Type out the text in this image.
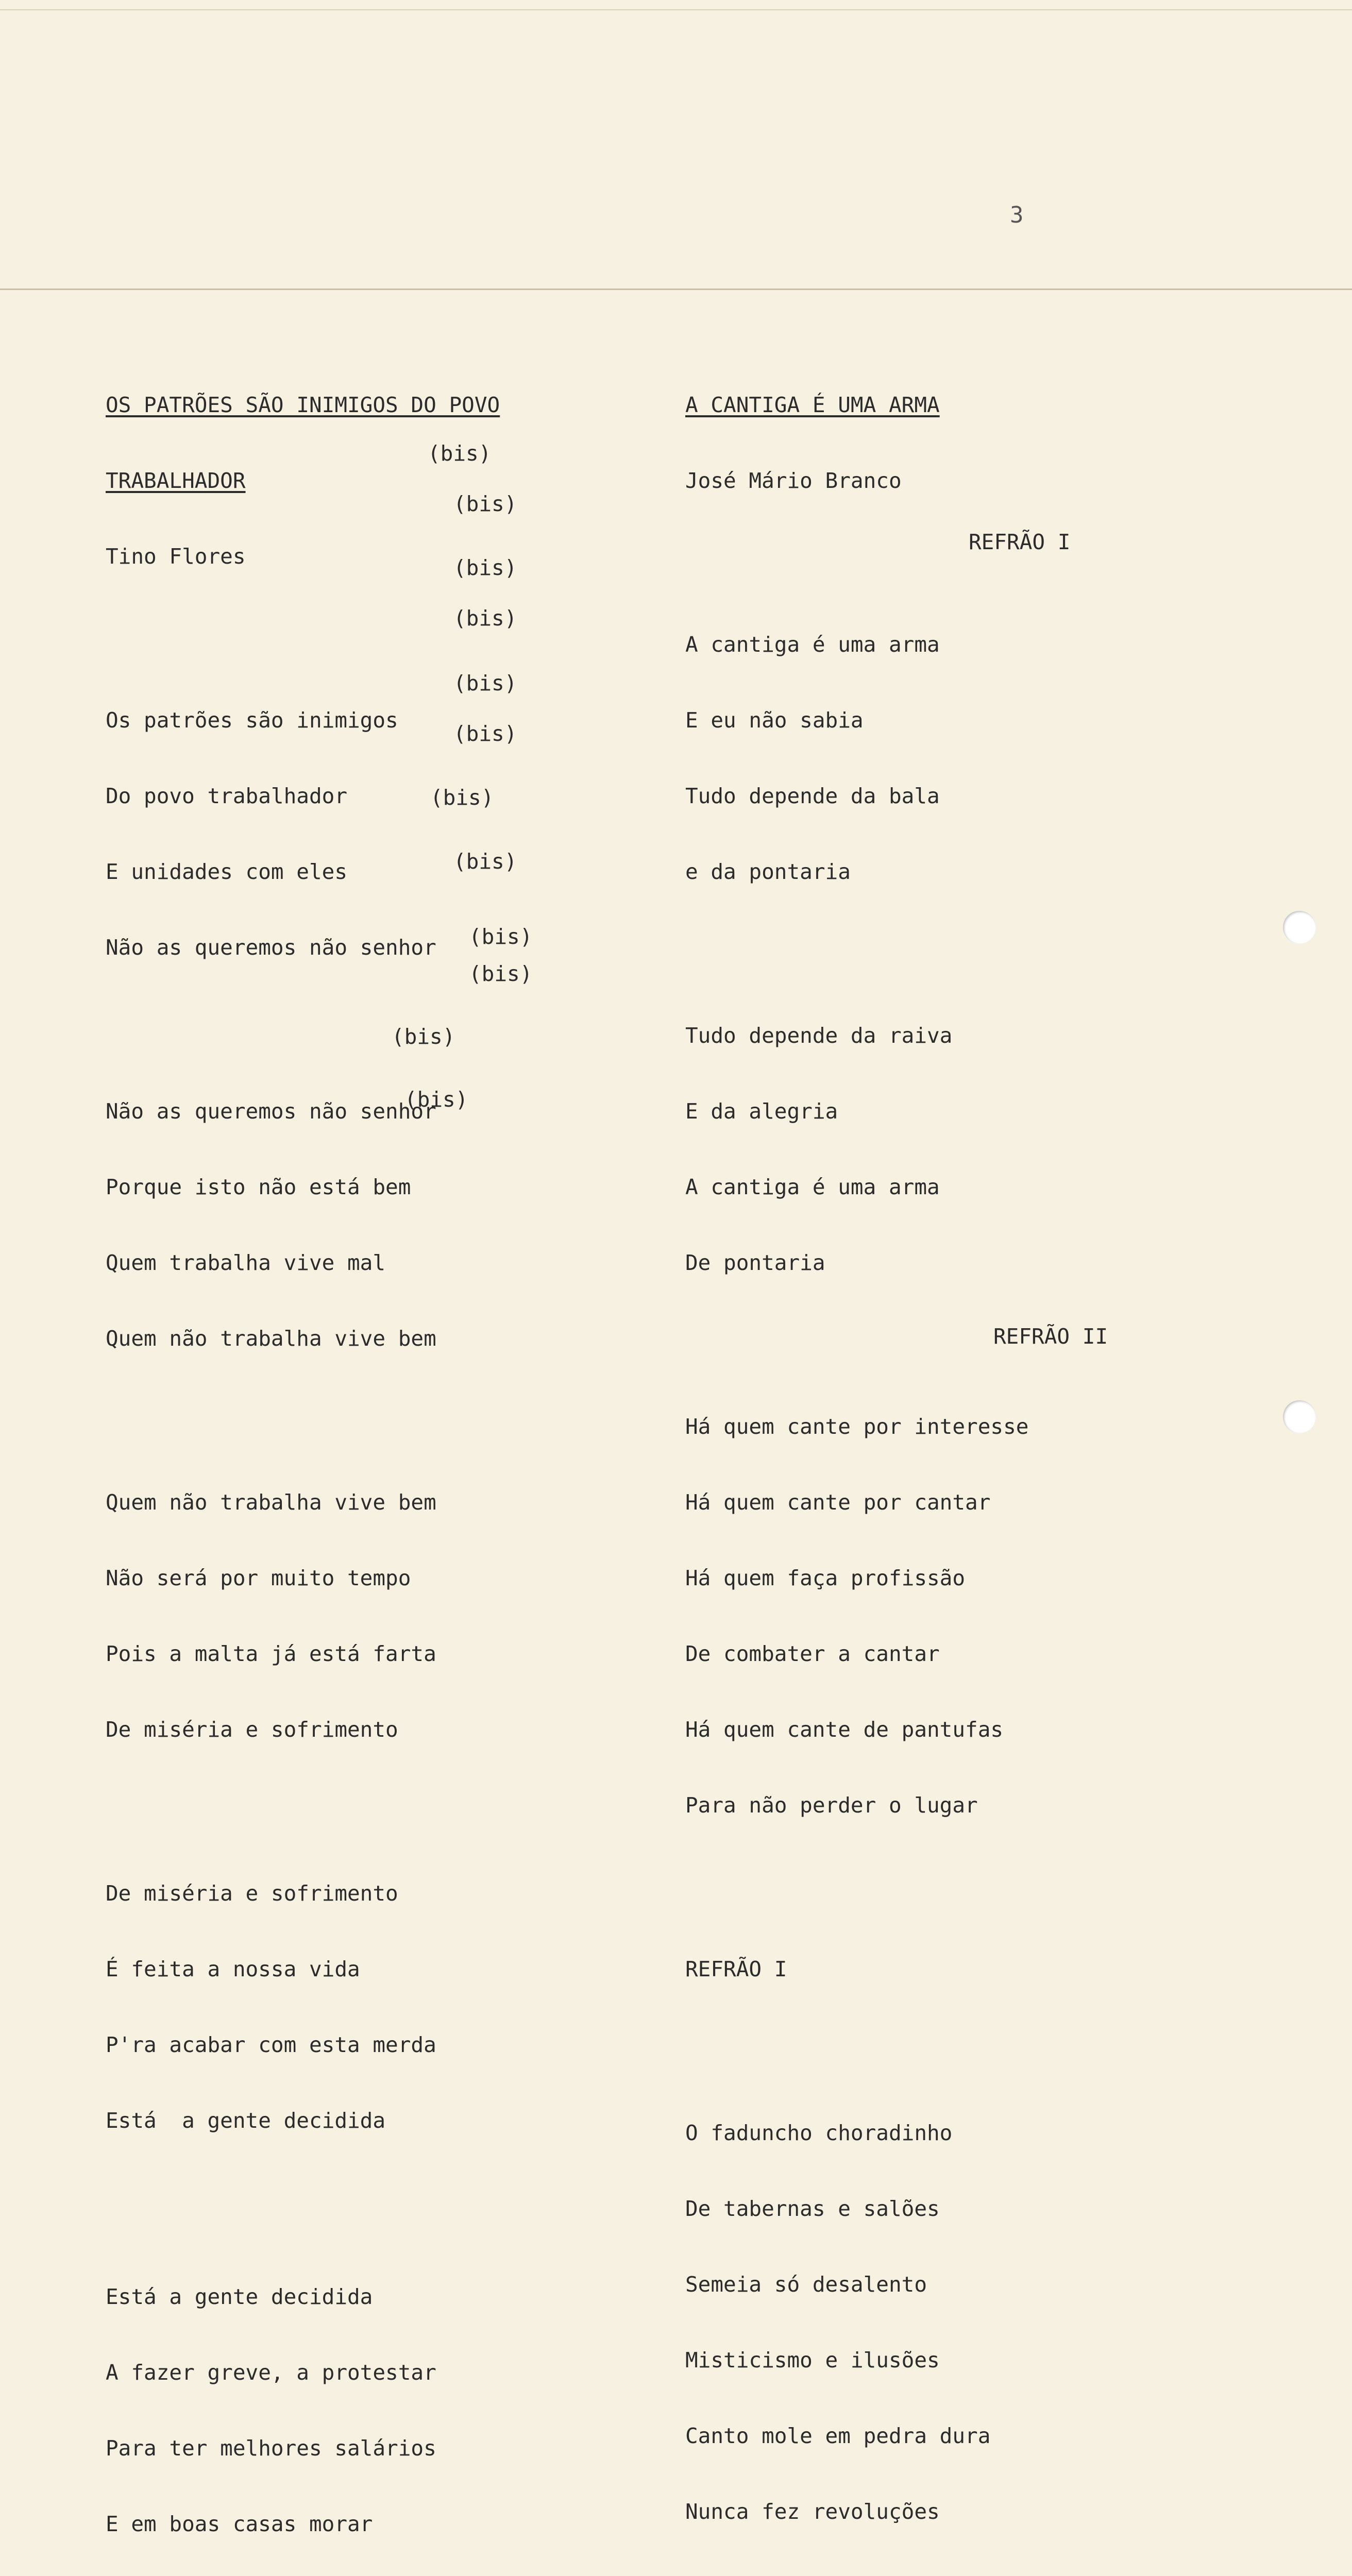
3

OS PATRÕES SÃO INIMIGOS DO POVO

TRABALHADOR

Tino Flores

Os patrões são inimigos

Do povo trabalhador

E unidades com eles

Não as queremos não senhor

Não as queremos não senhor

Porque isto não está bem

Quem trabalha vive mal

Quem não trabalha vive bem

Quem não trabalha vive bem

Não será por muito tempo

Pois a malta já está farta

De miséria e sofrimento

De miséria e sofrimento

É feita a nossa vida

P'ra acabar com esta merda

Está  a gente decidida

Está a gente decidida

A fazer greve, a protestar

Para ter melhores salários

E em boas casas morar

(bis)
(bis)
(bis)
(bis)
(bis)
(bis)
(bis)
(bis)
(bis)
(bis)
(bis)
(bis)

A CANTIGA É UMA ARMA

José Mário Branco

A cantiga é uma arma

E eu não sabia

Tudo depende da bala

e da pontaria

Tudo depende da raiva

E da alegria

A cantiga é uma arma

De pontaria

Há quem cante por interesse

Há quem cante por cantar

Há quem faça profissão

De combater a cantar

Há quem cante de pantufas

Para não perder o lugar

REFRÃO I

O faduncho choradinho

De tabernas e salões

Semeia só desalento

Misticismo e ilusões

Canto mole em pedra dura

Nunca fez revoluções

REFRÃO I
REFRÃO II
